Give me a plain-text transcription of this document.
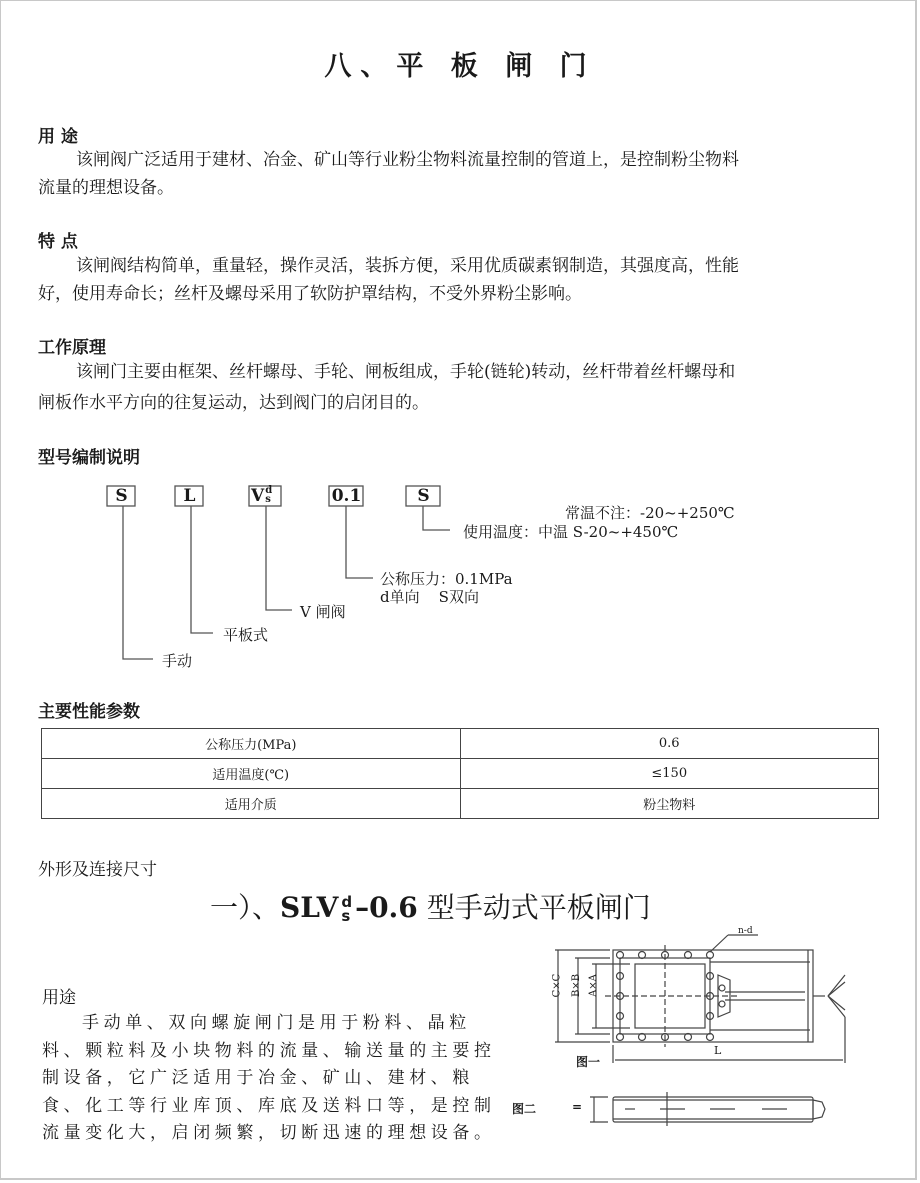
八、平 板 闸 门
用 途
该闸阀广泛适用于建材、冶金、矿山等行业粉尘物料流量控制的管道上，是控制粉尘物料
流量的理想设备。
特 点
该闸阀结构简单，重量轻，操作灵活，装拆方便，采用优质碳素钢制造，其强度高，性能
好，使用寿命长；丝杆及螺母采用了软防护罩结构，不受外界粉尘影响。
工作原理
该闸门主要由框架、丝杆螺母、手轮、闸板组成，手轮(链轮)转动，丝杆带着丝杆螺母和
闸板作水平方向的往复运动，达到阀门的启闭目的。
型号编制说明
S	L	Vd
s	0.1	S
常温不注：-20~+250℃
使用温度：中温 S-20~+450℃
公称压力：0.1MPa
d单向    S双向
V 闸阀
平板式
手动
主要性能参数
公称压力(MPa)	0.6
适用温度(℃)	≤150
适用介质	粉尘物料
外形及连接尺寸
一）、SLV d
s –0.6 型手动式平板闸门
用途
手动单、双向螺旋闸门是用于粉料、晶粒料、颗粒料及小块物料的流量、输送量的主要控制设备，它广泛适用于冶金、矿山、建材、粮食、化工等行业库顶、库底及送料口等，是控制流量变化大，启闭频繁，切断迅速的理想设备。
C×C B×B A×A
L
n-d
图一
图二	=
